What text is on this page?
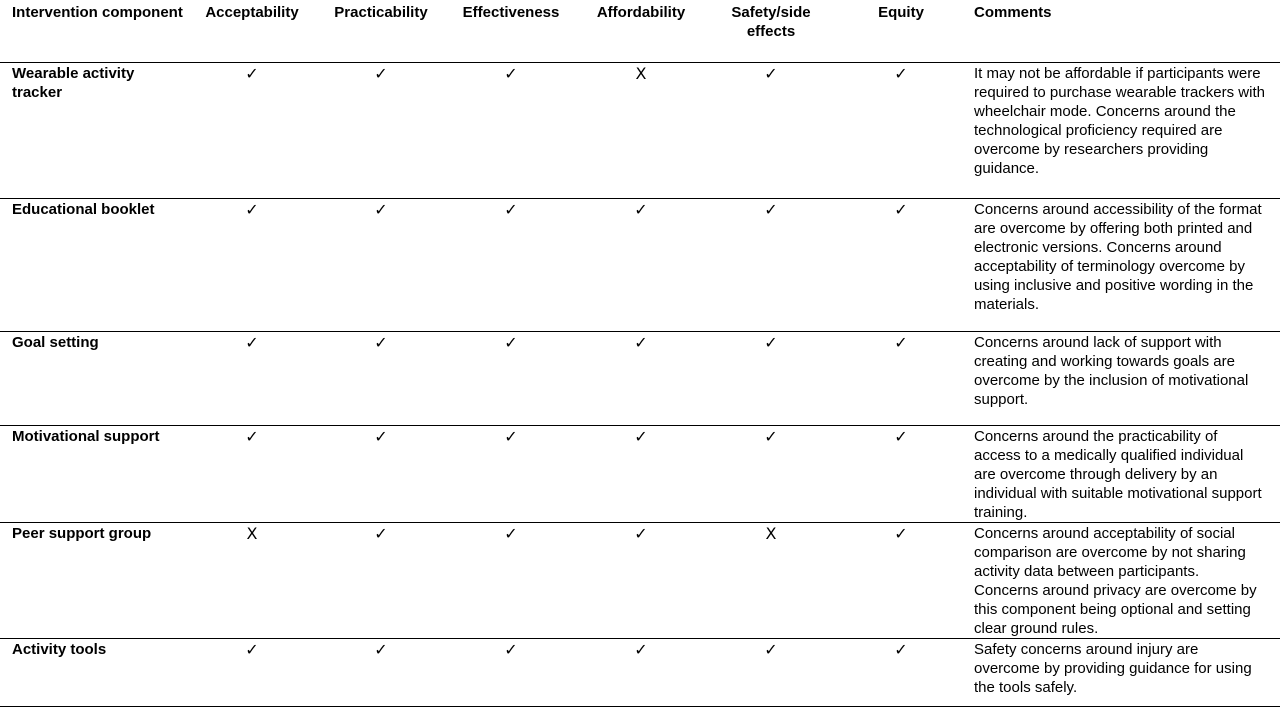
Intervention component	Acceptability	Practicability	Effectiveness	Affordability	Safety/side effects	Equity	Comments
Wearable activity tracker	✓	✓	✓	X	✓	✓	It may not be affordable if participants were required to purchase wearable trackers with wheelchair mode. Concerns around the technological proficiency required are overcome by researchers providing guidance.
Educational booklet	✓	✓	✓	✓	✓	✓	Concerns around accessibility of the format are overcome by offering both printed and electronic versions. Concerns around acceptability of terminology overcome by using inclusive and positive wording in the materials.
Goal setting	✓	✓	✓	✓	✓	✓	Concerns around lack of support with creating and working towards goals are overcome by the inclusion of motivational support.
Motivational support	✓	✓	✓	✓	✓	✓	Concerns around the practicability of access to a medically qualified individual are overcome through delivery by an individual with suitable motivational support training.
Peer support group	X	✓	✓	✓	X	✓	Concerns around acceptability of social comparison are overcome by not sharing activity data between participants. Concerns around privacy are overcome by this component being optional and setting clear ground rules.
Activity tools	✓	✓	✓	✓	✓	✓	Safety concerns around injury are overcome by providing guidance for using the tools safely.
